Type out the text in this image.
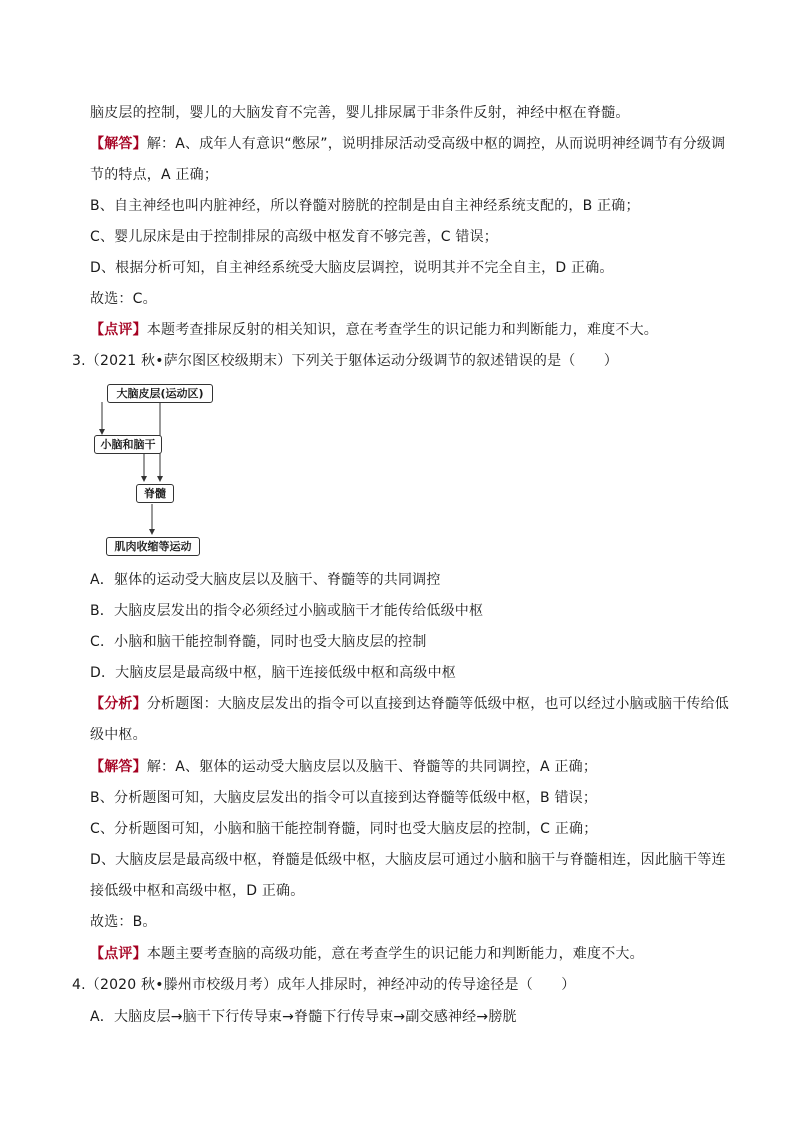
脑皮层的控制，婴儿的大脑发育不完善，婴儿排尿属于非条件反射，神经中枢在脊髓。
【解答】解：A、成年人有意识“憋尿”，说明排尿活动受高级中枢的调控，从而说明神经调节有分级调
节的特点，A 正确；
B、自主神经也叫内脏神经，所以脊髓对膀胱的控制是由自主神经系统支配的，B 正确；
C、婴儿尿床是由于控制排尿的高级中枢发育不够完善，C 错误；
D、根据分析可知，自主神经系统受大脑皮层调控，说明其并不完全自主，D 正确。
故选：C。
【点评】本题考查排尿反射的相关知识，意在考查学生的识记能力和判断能力，难度不大。
3.（2021 秋•萨尔图区校级期末）下列关于躯体运动分级调节的叙述错误的是（　　）
大脑皮层(运动区)
小脑和脑干
脊髓
肌肉收缩等运动
A．躯体的运动受大脑皮层以及脑干、脊髓等的共同调控
B．大脑皮层发出的指令必须经过小脑或脑干才能传给低级中枢
C．小脑和脑干能控制脊髓，同时也受大脑皮层的控制
D．大脑皮层是最高级中枢，脑干连接低级中枢和高级中枢
【分析】分析题图：大脑皮层发出的指令可以直接到达脊髓等低级中枢，也可以经过小脑或脑干传给低
级中枢。
【解答】解：A、躯体的运动受大脑皮层以及脑干、脊髓等的共同调控，A 正确；
B、分析题图可知，大脑皮层发出的指令可以直接到达脊髓等低级中枢，B 错误；
C、分析题图可知，小脑和脑干能控制脊髓，同时也受大脑皮层的控制，C 正确；
D、大脑皮层是最高级中枢，脊髓是低级中枢，大脑皮层可通过小脑和脑干与脊髓相连，因此脑干等连
接低级中枢和高级中枢，D 正确。
故选：B。
【点评】本题主要考查脑的高级功能，意在考查学生的识记能力和判断能力，难度不大。
4.（2020 秋•滕州市校级月考）成年人排尿时，神经冲动的传导途径是（　　）
A．大脑皮层→脑干下行传导束→脊髓下行传导束→副交感神经→膀胱
